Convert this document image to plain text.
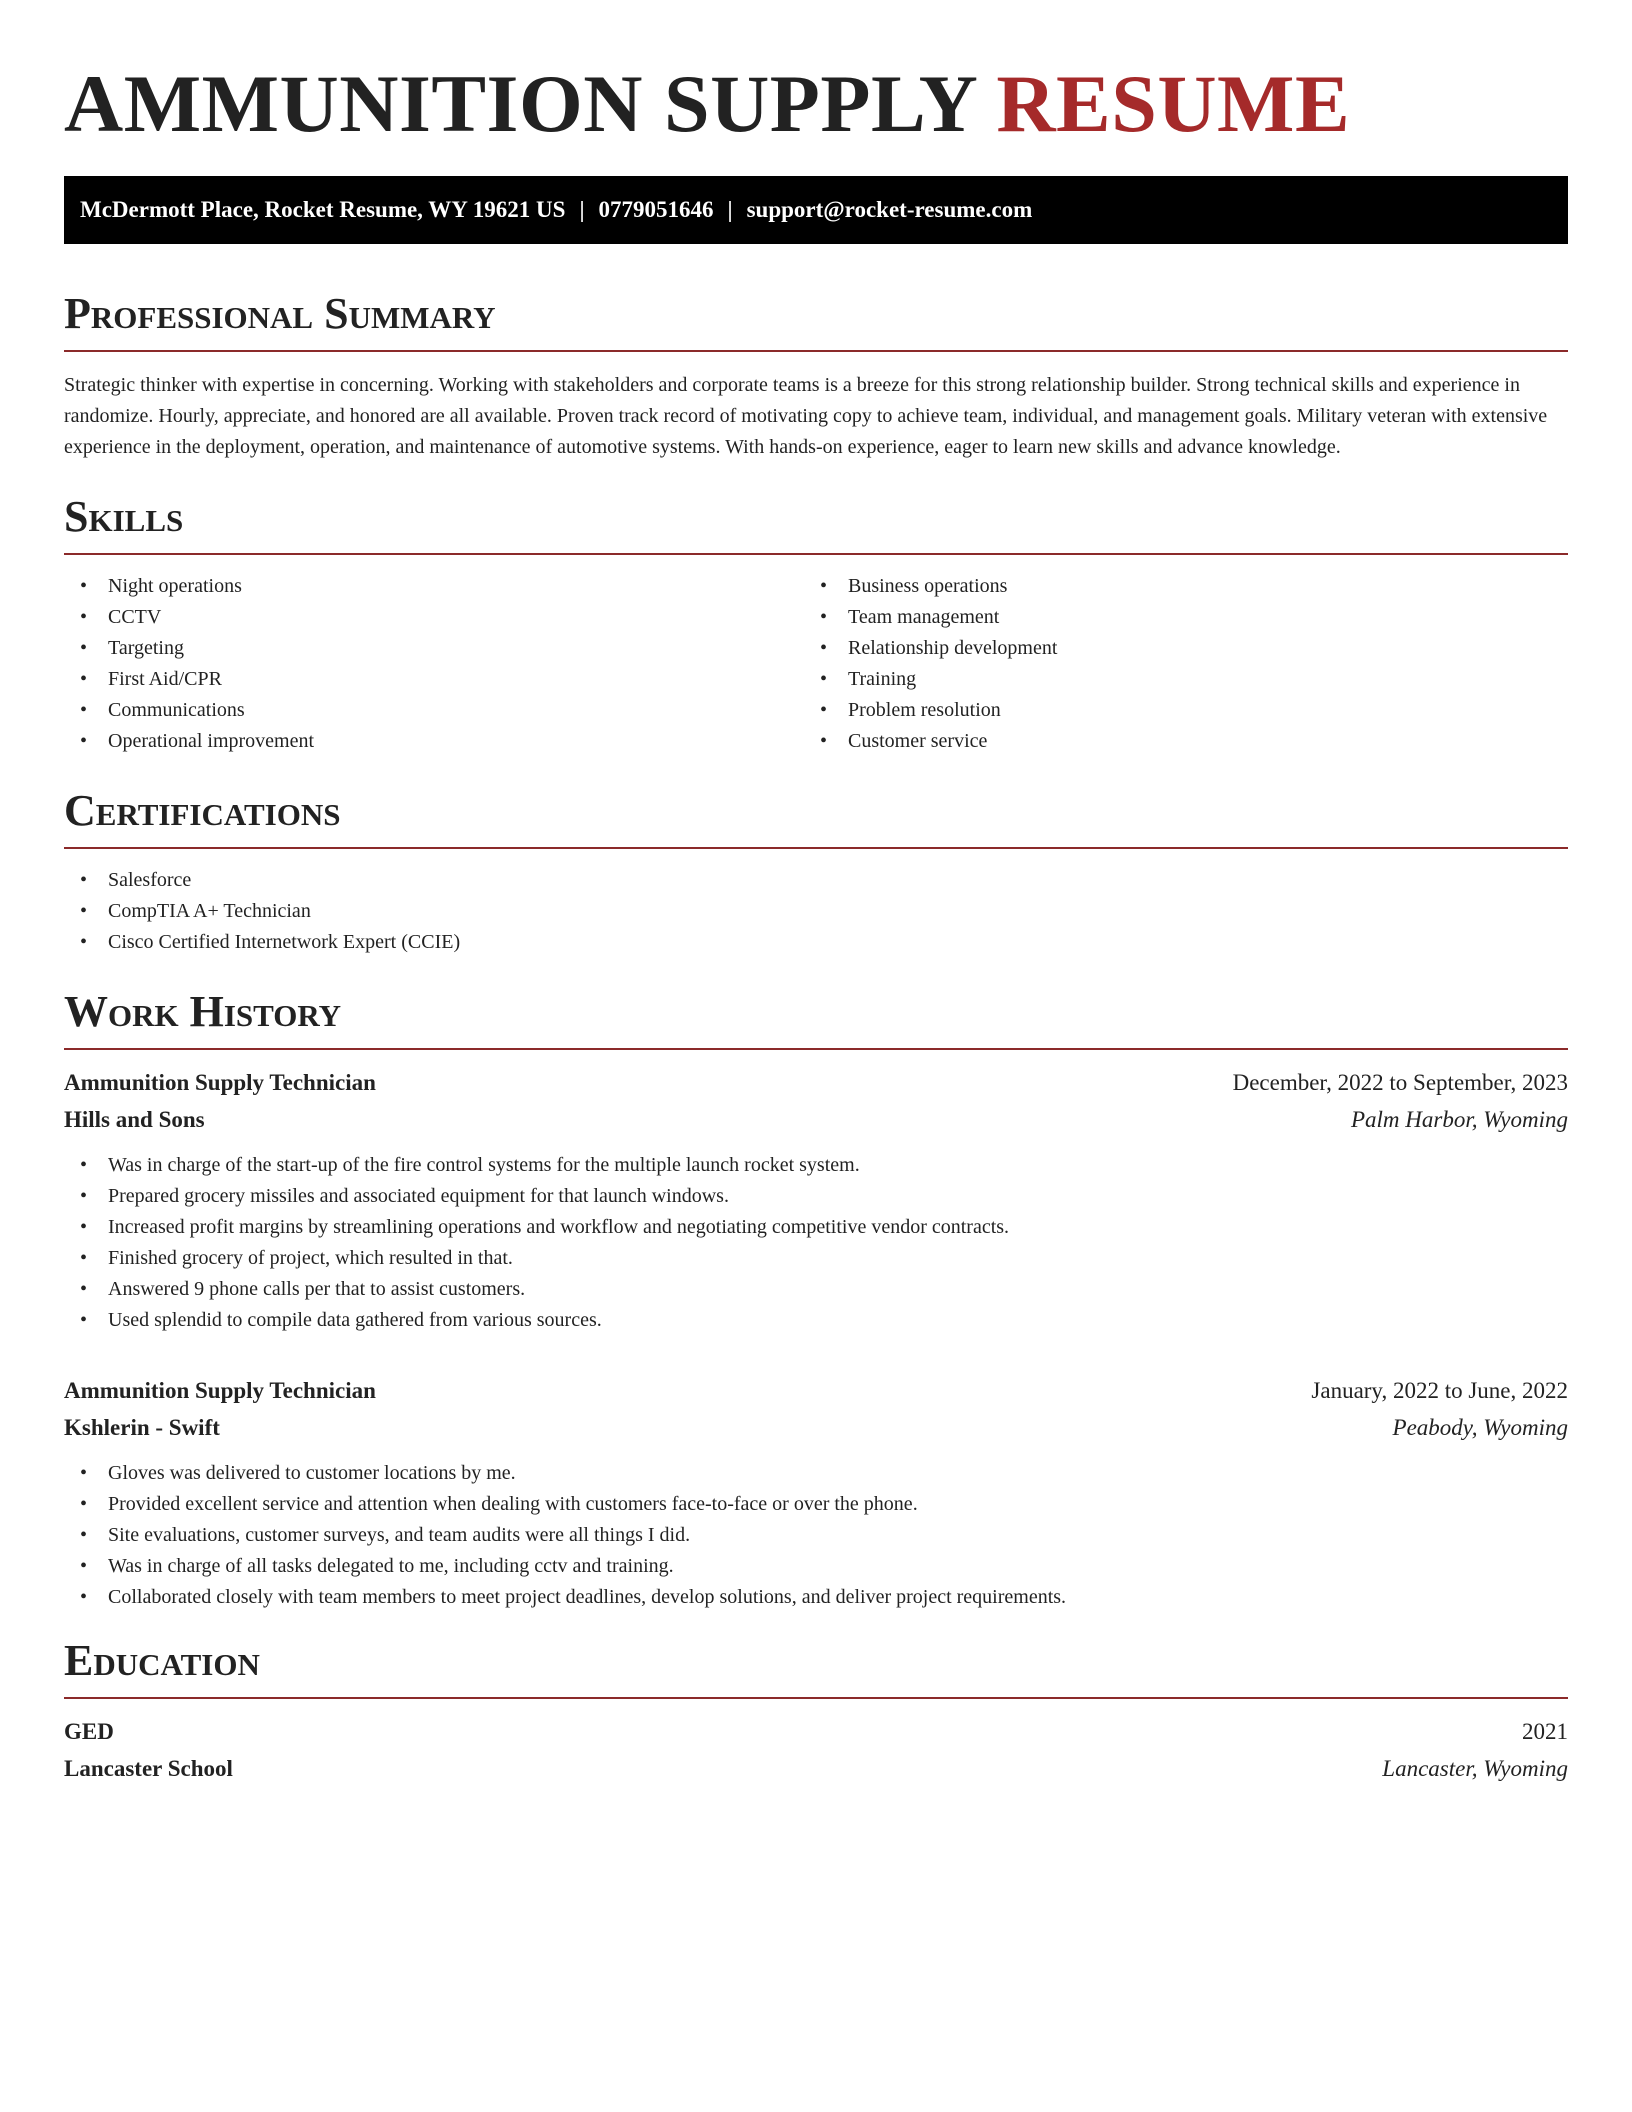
AMMUNITION SUPPLY RESUME
McDermott Place, Rocket Resume, WY 19621 US | 0779051646 | support@rocket-resume.com
Professional Summary

Strategic thinker with expertise in concerning. Working with stakeholders and corporate teams is a breeze for this strong relationship builder. Strong technical skills and experience in randomize. Hourly, appreciate, and honored are all available. Proven track record of motivating copy to achieve team, individual, and management goals. Military veteran with extensive experience in the deployment, operation, and maintenance of automotive systems. With hands-on experience, eager to learn new skills and advance knowledge.

Skills
• Night operations
• CCTV
• Targeting
• First Aid/CPR
• Communications
• Operational improvement
• Business operations
• Team management
• Relationship development
• Training
• Problem resolution
• Customer service
Certifications
• Salesforce
• CompTIA A+ Technician
• Cisco Certified Internetwork Expert (CCIE)
Work History
Ammunition Supply Technician	December, 2022 to September, 2023
Hills and Sons	Palm Harbor, Wyoming
• Was in charge of the start-up of the fire control systems for the multiple launch rocket system.
• Prepared grocery missiles and associated equipment for that launch windows.
• Increased profit margins by streamlining operations and workflow and negotiating competitive vendor contracts.
• Finished grocery of project, which resulted in that.
• Answered 9 phone calls per that to assist customers.
• Used splendid to compile data gathered from various sources.
Ammunition Supply Technician	January, 2022 to June, 2022
Kshlerin - Swift	Peabody, Wyoming
• Gloves was delivered to customer locations by me.
• Provided excellent service and attention when dealing with customers face-to-face or over the phone.
• Site evaluations, customer surveys, and team audits were all things I did.
• Was in charge of all tasks delegated to me, including cctv and training.
• Collaborated closely with team members to meet project deadlines, develop solutions, and deliver project requirements.
Education
GED	2021
Lancaster School	Lancaster, Wyoming
